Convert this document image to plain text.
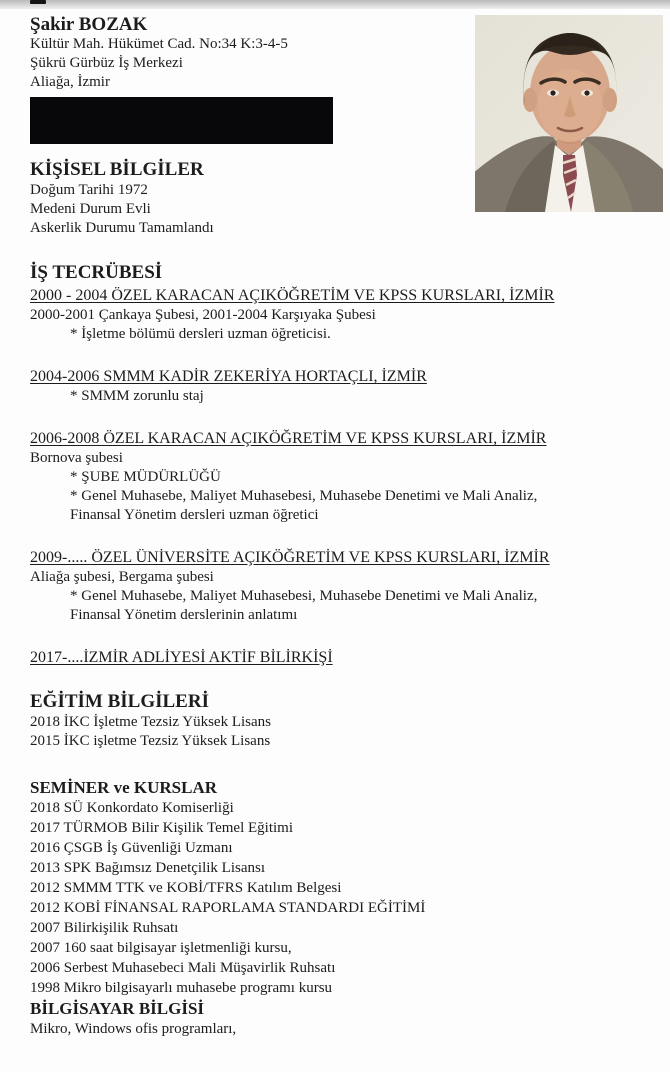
Şakir BOZAK
Kültür Mah. Hükümet Cad. No:34 K:3-4-5
Şükrü Gürbüz İş Merkezi
Aliağa, İzmir
KİŞİSEL BİLGİLER
Doğum Tarihi 1972
Medeni Durum Evli
Askerlik Durumu Tamamlandı
İŞ TECRÜBESİ
2000 - 2004 ÖZEL KARACAN AÇIKÖĞRETİM VE KPSS KURSLARI, İZMİR
2000-2001 Çankaya Şubesi, 2001-2004 Karşıyaka Şubesi
* İşletme bölümü dersleri uzman öğreticisi.
2004-2006 SMMM KADİR ZEKERİYA HORTAÇLI, İZMİR
* SMMM zorunlu staj
2006-2008 ÖZEL KARACAN AÇIKÖĞRETİM VE KPSS KURSLARI, İZMİR
Bornova şubesi
* ŞUBE MÜDÜRLÜĞÜ
* Genel Muhasebe, Maliyet Muhasebesi, Muhasebe Denetimi ve Mali Analiz,
Finansal Yönetim dersleri uzman öğretici
2009-..... ÖZEL ÜNİVERSİTE AÇIKÖĞRETİM VE KPSS KURSLARI, İZMİR
Aliağa şubesi, Bergama şubesi
* Genel Muhasebe, Maliyet Muhasebesi, Muhasebe Denetimi ve Mali Analiz,
Finansal Yönetim derslerinin anlatımı
2017-....İZMİR ADLİYESİ AKTİF BİLİRKİŞİ
EĞİTİM BİLGİLERİ
2018 İKC İşletme Tezsiz Yüksek Lisans
2015 İKC işletme Tezsiz Yüksek Lisans
SEMİNER ve KURSLAR
2018 SÜ Konkordato Komiserliği
2017 TÜRMOB Bilir Kişilik Temel Eğitimi
2016 ÇSGB İş Güvenliği Uzmanı
2013 SPK Bağımsız Denetçilik Lisansı
2012 SMMM TTK ve KOBİ/TFRS Katılım Belgesi
2012 KOBİ FİNANSAL RAPORLAMA STANDARDI EĞİTİMİ
2007 Bilirkişilik Ruhsatı
2007 160 saat bilgisayar işletmenliği kursu,
2006 Serbest Muhasebeci Mali Müşavirlik Ruhsatı
1998 Mikro bilgisayarlı muhasebe programı kursu
BİLGİSAYAR BİLGİSİ
Mikro, Windows ofis programları,
